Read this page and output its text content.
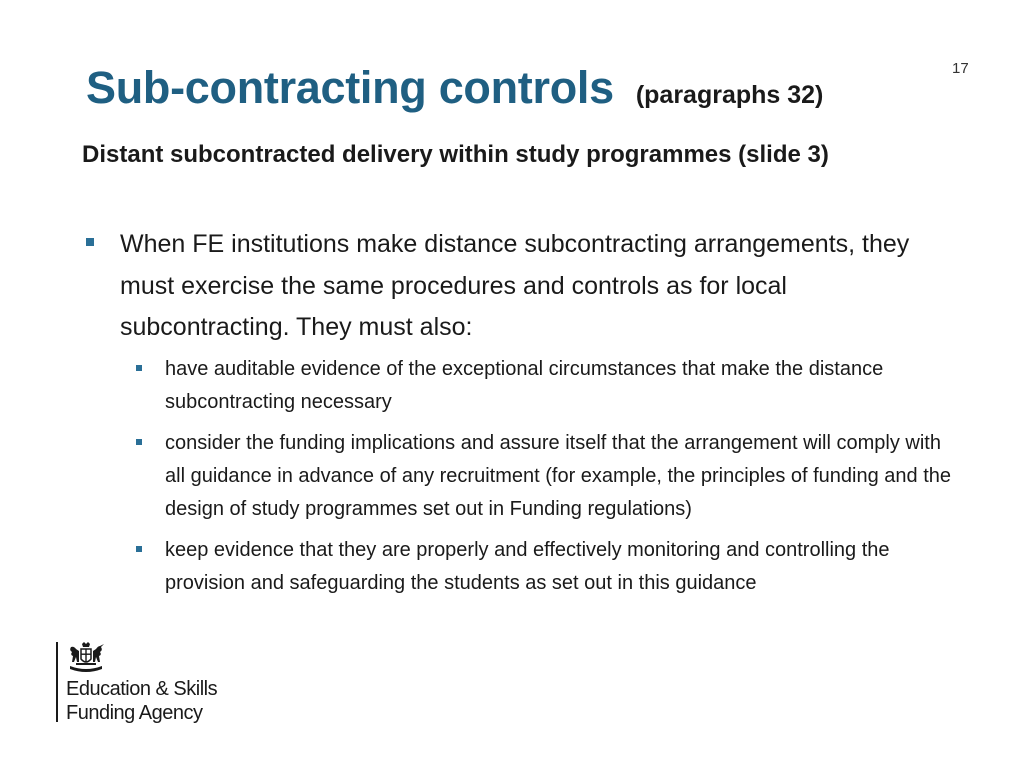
17
Sub-contracting controls (paragraphs 32)
Distant subcontracted delivery within study programmes (slide 3)
When FE institutions make distance subcontracting arrangements, they must exercise the same procedures and controls as for local subcontracting. They must also:
have auditable evidence of the exceptional circumstances that make the distance subcontracting necessary
consider the funding implications and assure itself that the arrangement will comply with all guidance in advance of any recruitment (for example, the principles of funding and the design of study programmes set out in Funding regulations)
keep evidence that they are properly and effectively monitoring and controlling the provision and safeguarding the students as set out in this guidance
Education & Skills
Funding Agency
